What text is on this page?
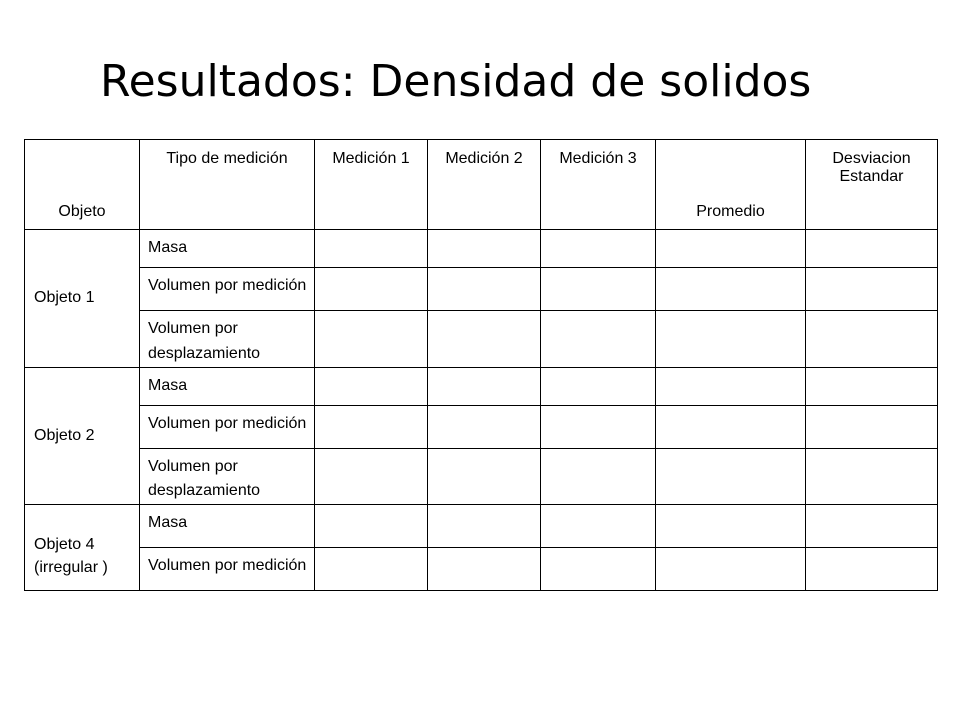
Resultados: Densidad de solidos
Objeto	Tipo de medición	Medición 1	Medición 2	Medición 3	Promedio	Desviacion Estandar
Objeto 1	Masa					
	Volumen por medición					
	Volumen por desplazamiento					
Objeto 2	Masa					
	Volumen por medición					
	Volumen por desplazamiento					
Objeto 4 (irregular )	Masa					
	Volumen por medición					
